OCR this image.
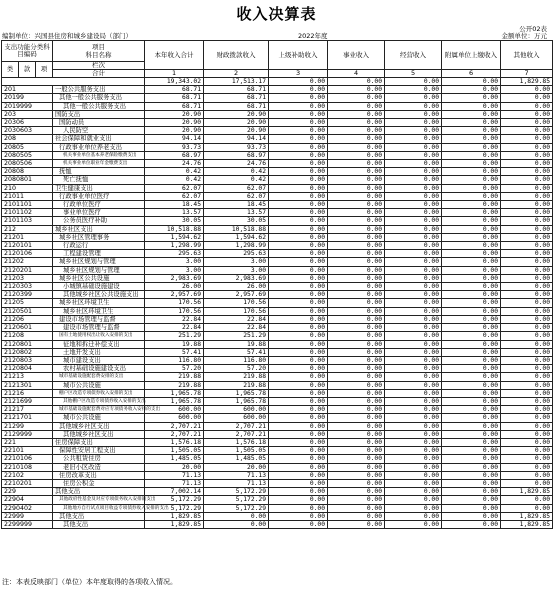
收入决算表
公开02表
编制单位：兴国县住房和城乡建设局（部门）	2022年度	金额单位：万元
支出功能分类科目编码			项目
科目名称	本年收入合计	财政拨款收入	上级补助收入	事业收入	经营收入	附属单位上缴收入	其他收入
类	款	项	栏次							
			合计	1	2	3	4	5	6	7
				19,343.02	17,513.17	0.00	0.00	0.00	0.00	1,829.85
201			一般公共服务支出	68.71	68.71	0.00	0.00	0.00	0.00	0.00
20199			其他一般公共服务支出	68.71	68.71	0.00	0.00	0.00	0.00	0.00
2019999			其他一般公共服务支出	68.71	68.71	0.00	0.00	0.00	0.00	0.00
203			国防支出	20.90	20.90	0.00	0.00	0.00	0.00	0.00
20306			国防动员	20.90	20.90	0.00	0.00	0.00	0.00	0.00
2030603			人民防空	20.90	20.90	0.00	0.00	0.00	0.00	0.00
208			社会保障和就业支出	94.14	94.14	0.00	0.00	0.00	0.00	0.00
20805			行政事业单位养老支出	93.73	93.73	0.00	0.00	0.00	0.00	0.00
2080505			机关事业单位基本养老保险缴费支出	68.97	68.97	0.00	0.00	0.00	0.00	0.00
2080506			机关事业单位职业年金缴费支出	24.76	24.76	0.00	0.00	0.00	0.00	0.00
20808			抚恤	0.42	0.42	0.00	0.00	0.00	0.00	0.00
2080801			死亡抚恤	0.42	0.42	0.00	0.00	0.00	0.00	0.00
210			卫生健康支出	62.07	62.07	0.00	0.00	0.00	0.00	0.00
21011			行政事业单位医疗	62.07	62.07	0.00	0.00	0.00	0.00	0.00
2101101			行政单位医疗	18.45	18.45	0.00	0.00	0.00	0.00	0.00
2101102			事业单位医疗	13.57	13.57	0.00	0.00	0.00	0.00	0.00
2101103			公务员医疗补助	30.05	30.05	0.00	0.00	0.00	0.00	0.00
212			城乡社区支出	10,518.88	10,518.88	0.00	0.00	0.00	0.00	0.00
21201			城乡社区管理事务	1,594.62	1,594.62	0.00	0.00	0.00	0.00	0.00
2120101			行政运行	1,298.99	1,298.99	0.00	0.00	0.00	0.00	0.00
2120106			工程建设管理	295.63	295.63	0.00	0.00	0.00	0.00	0.00
21202			城乡社区规划与管理	3.00	3.00	0.00	0.00	0.00	0.00	0.00
2120201			城乡社区规划与管理	3.00	3.00	0.00	0.00	0.00	0.00	0.00
21203			城乡社区公共设施	2,983.69	2,983.69	0.00	0.00	0.00	0.00	0.00
2120303			小城镇基础设施建设	26.00	26.00	0.00	0.00	0.00	0.00	0.00
2120399			其他城乡社区公共设施支出	2,957.69	2,957.69	0.00	0.00	0.00	0.00	0.00
21205			城乡社区环境卫生	170.56	170.56	0.00	0.00	0.00	0.00	0.00
2120501			城乡社区环境卫生	170.56	170.56	0.00	0.00	0.00	0.00	0.00
21206			建设市场管理与监督	22.84	22.84	0.00	0.00	0.00	0.00	0.00
2120601			建设市场管理与监督	22.84	22.84	0.00	0.00	0.00	0.00	0.00
21208			国有土地使用权出让收入安排的支出	251.29	251.29	0.00	0.00	0.00	0.00	0.00
2120801			征地和拆迁补偿支出	19.88	19.88	0.00	0.00	0.00	0.00	0.00
2120802			土地开发支出	57.41	57.41	0.00	0.00	0.00	0.00	0.00
2120803			城市建设支出	116.80	116.80	0.00	0.00	0.00	0.00	0.00
2120804			农村基础设施建设支出	57.20	57.20	0.00	0.00	0.00	0.00	0.00
21213			城市基础设施配套费安排的支出	219.88	219.88	0.00	0.00	0.00	0.00	0.00
2121301			城市公共设施	219.88	219.88	0.00	0.00	0.00	0.00	0.00
21216			棚户区改造专项债券收入安排的支出	1,965.78	1,965.78	0.00	0.00	0.00	0.00	0.00
2121699			其他棚户区改造专项债券收入安排的支出	1,965.78	1,965.78	0.00	0.00	0.00	0.00	0.00
21217			城市基础设施配套费对应专项债务收入安排的支出	600.00	600.00	0.00	0.00	0.00	0.00	0.00
2121701			城市公共设施	600.00	600.00	0.00	0.00	0.00	0.00	0.00
21299			其他城乡社区支出	2,707.21	2,707.21	0.00	0.00	0.00	0.00	0.00
2129999			其他城乡社区支出	2,707.21	2,707.21	0.00	0.00	0.00	0.00	0.00
221			住房保障支出	1,576.18	1,576.18	0.00	0.00	0.00	0.00	0.00
22101			保障性安居工程支出	1,505.05	1,505.05	0.00	0.00	0.00	0.00	0.00
2210106			公共租赁住房	1,485.05	1,485.05	0.00	0.00	0.00	0.00	0.00
2210108			老旧小区改造	20.00	20.00	0.00	0.00	0.00	0.00	0.00
22102			住房改革支出	71.13	71.13	0.00	0.00	0.00	0.00	0.00
2210201			住房公积金	71.13	71.13	0.00	0.00	0.00	0.00	0.00
229			其他支出	7,002.14	5,172.29	0.00	0.00	0.00	0.00	1,829.85
22904			其他政府性基金及对应专项债务收入安排的支出	5,172.29	5,172.29	0.00	0.00	0.00	0.00	0.00
2290402			其他地方自行试点项目收益专项债券收入安排的支出	5,172.29	5,172.29	0.00	0.00	0.00	0.00	0.00
22999			其他支出	1,829.85	0.00	0.00	0.00	0.00	0.00	1,829.85
2299999			其他支出	1,829.85	0.00	0.00	0.00	0.00	0.00	1,829.85
注：本表反映部门（单位）本年度取得的各项收入情况。
